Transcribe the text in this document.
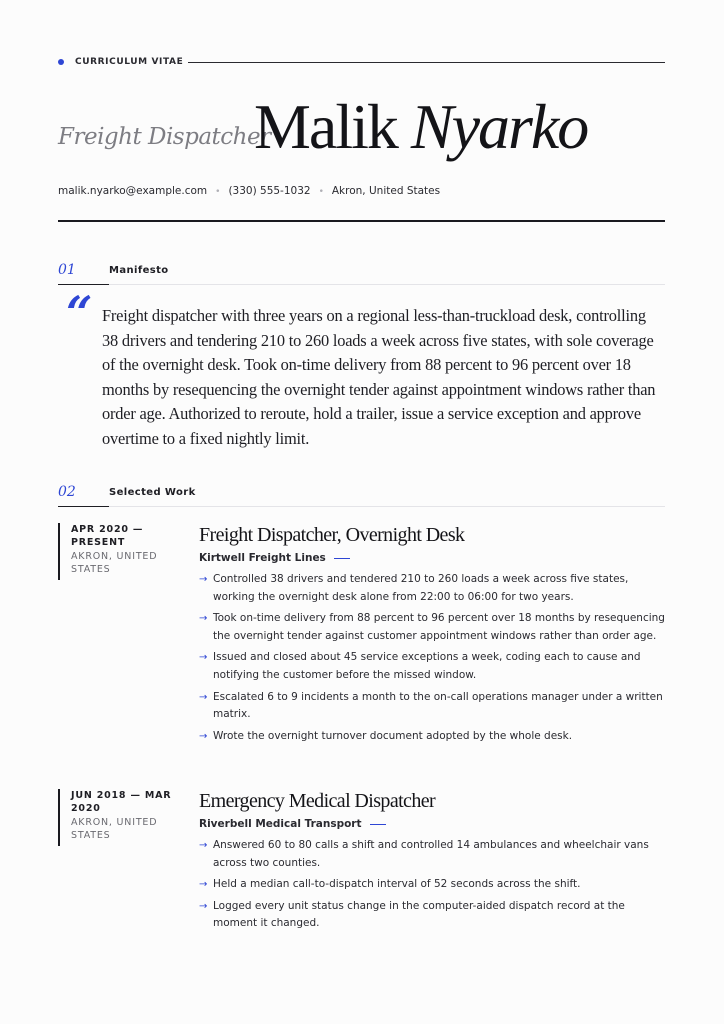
CURRICULUM VITAE
Freight Dispatcher
Malik Nyarko
malik.nyarko@example.com • (330) 555-1032 • Akron, United States
01	Manifesto
“ Freight dispatcher with three years on a regional less-than-truckload desk, controlling 38 drivers and tendering 210 to 260 loads a week across five states, with sole coverage of the overnight desk. Took on-time delivery from 88 percent to 96 percent over 18 months by resequencing the overnight tender against appointment windows rather than order age. Authorized to reroute, hold a trailer, issue a service exception and approve overtime to a fixed nightly limit.
02	Selected Work
APR 2020 — PRESENT
AKRON, UNITED STATES
Freight Dispatcher, Overnight Desk
Kirtwell Freight Lines
→ Controlled 38 drivers and tendered 210 to 260 loads a week across five states, working the overnight desk alone from 22:00 to 06:00 for two years.
→ Took on-time delivery from 88 percent to 96 percent over 18 months by resequencing the overnight tender against customer appointment windows rather than order age.
→ Issued and closed about 45 service exceptions a week, coding each to cause and notifying the customer before the missed window.
→ Escalated 6 to 9 incidents a month to the on-call operations manager under a written matrix.
→ Wrote the overnight turnover document adopted by the whole desk.
JUN 2018 — MAR 2020
AKRON, UNITED STATES
Emergency Medical Dispatcher
Riverbell Medical Transport
→ Answered 60 to 80 calls a shift and controlled 14 ambulances and wheelchair vans across two counties.
→ Held a median call-to-dispatch interval of 52 seconds across the shift.
→ Logged every unit status change in the computer-aided dispatch record at the moment it changed.
